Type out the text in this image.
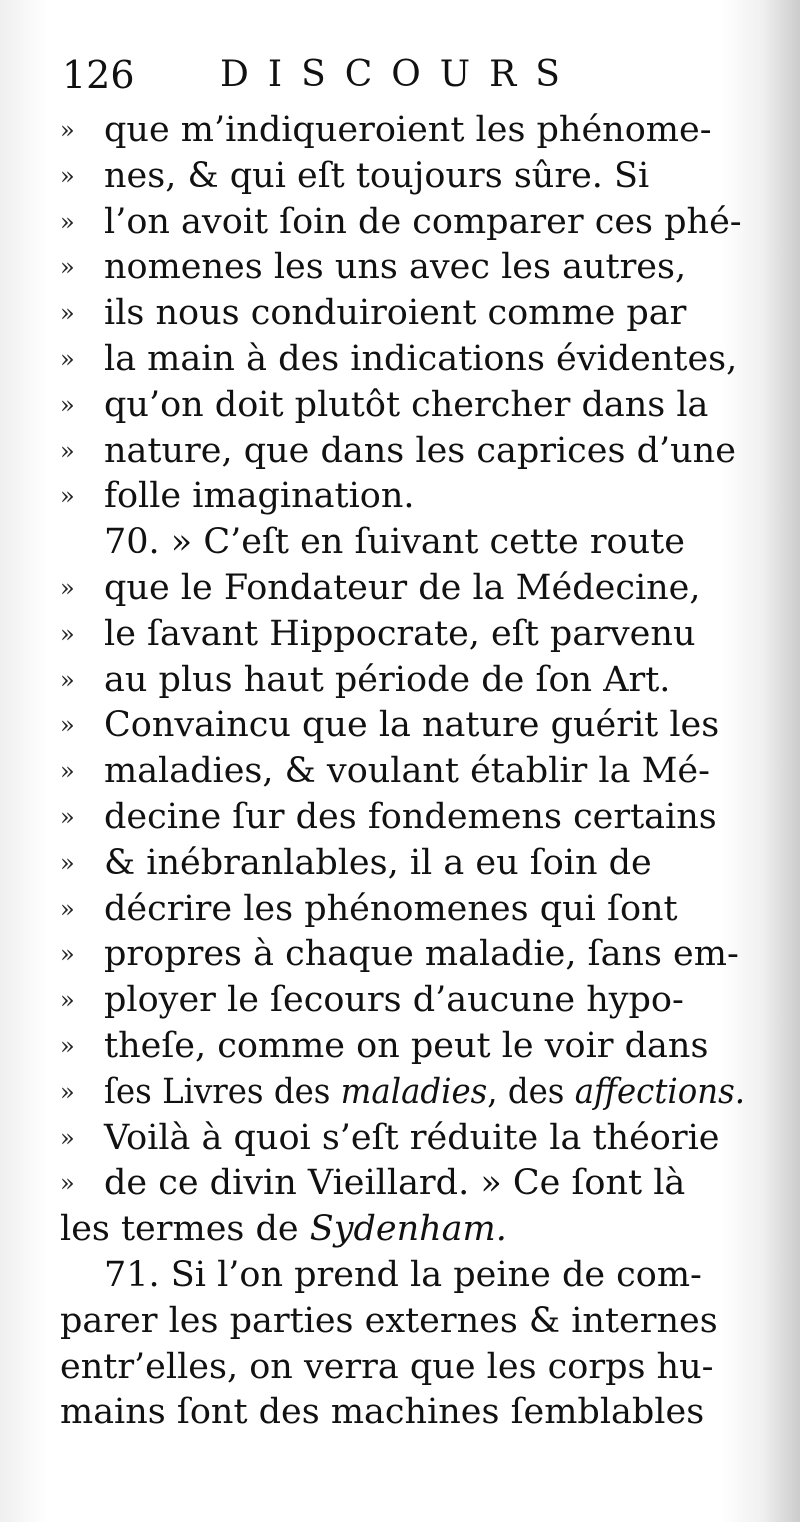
126 DISCOURS
» que m’indiqueroient les phénome-
» nes, & qui eſt toujours sûre. Si
» l’on avoit ſoin de comparer ces phé-
» nomenes les uns avec les autres,
» ils nous conduiroient comme par
» la main à des indications évidentes,
» qu’on doit plutôt chercher dans la
» nature, que dans les caprices d’une
» folle imagination.
70. » C’eſt en ſuivant cette route
» que le Fondateur de la Médecine,
» le ſavant Hippocrate, eſt parvenu
» au plus haut période de ſon Art.
» Convaincu que la nature guérit les
» maladies, & voulant établir la Mé-
» decine ſur des fondemens certains
» & inébranlables, il a eu ſoin de
» décrire les phénomenes qui ſont
» propres à chaque maladie, ſans em-
» ployer le ſecours d’aucune hypo-
» theſe, comme on peut le voir dans
» ſes Livres des maladies, des affections.
» Voilà à quoi s’eſt réduite la théorie
» de ce divin Vieillard. » Ce ſont là
les termes de Sydenham.
71. Si l’on prend la peine de com-
parer les parties externes & internes
entr’elles, on verra que les corps hu-
mains ſont des machines ſemblables
